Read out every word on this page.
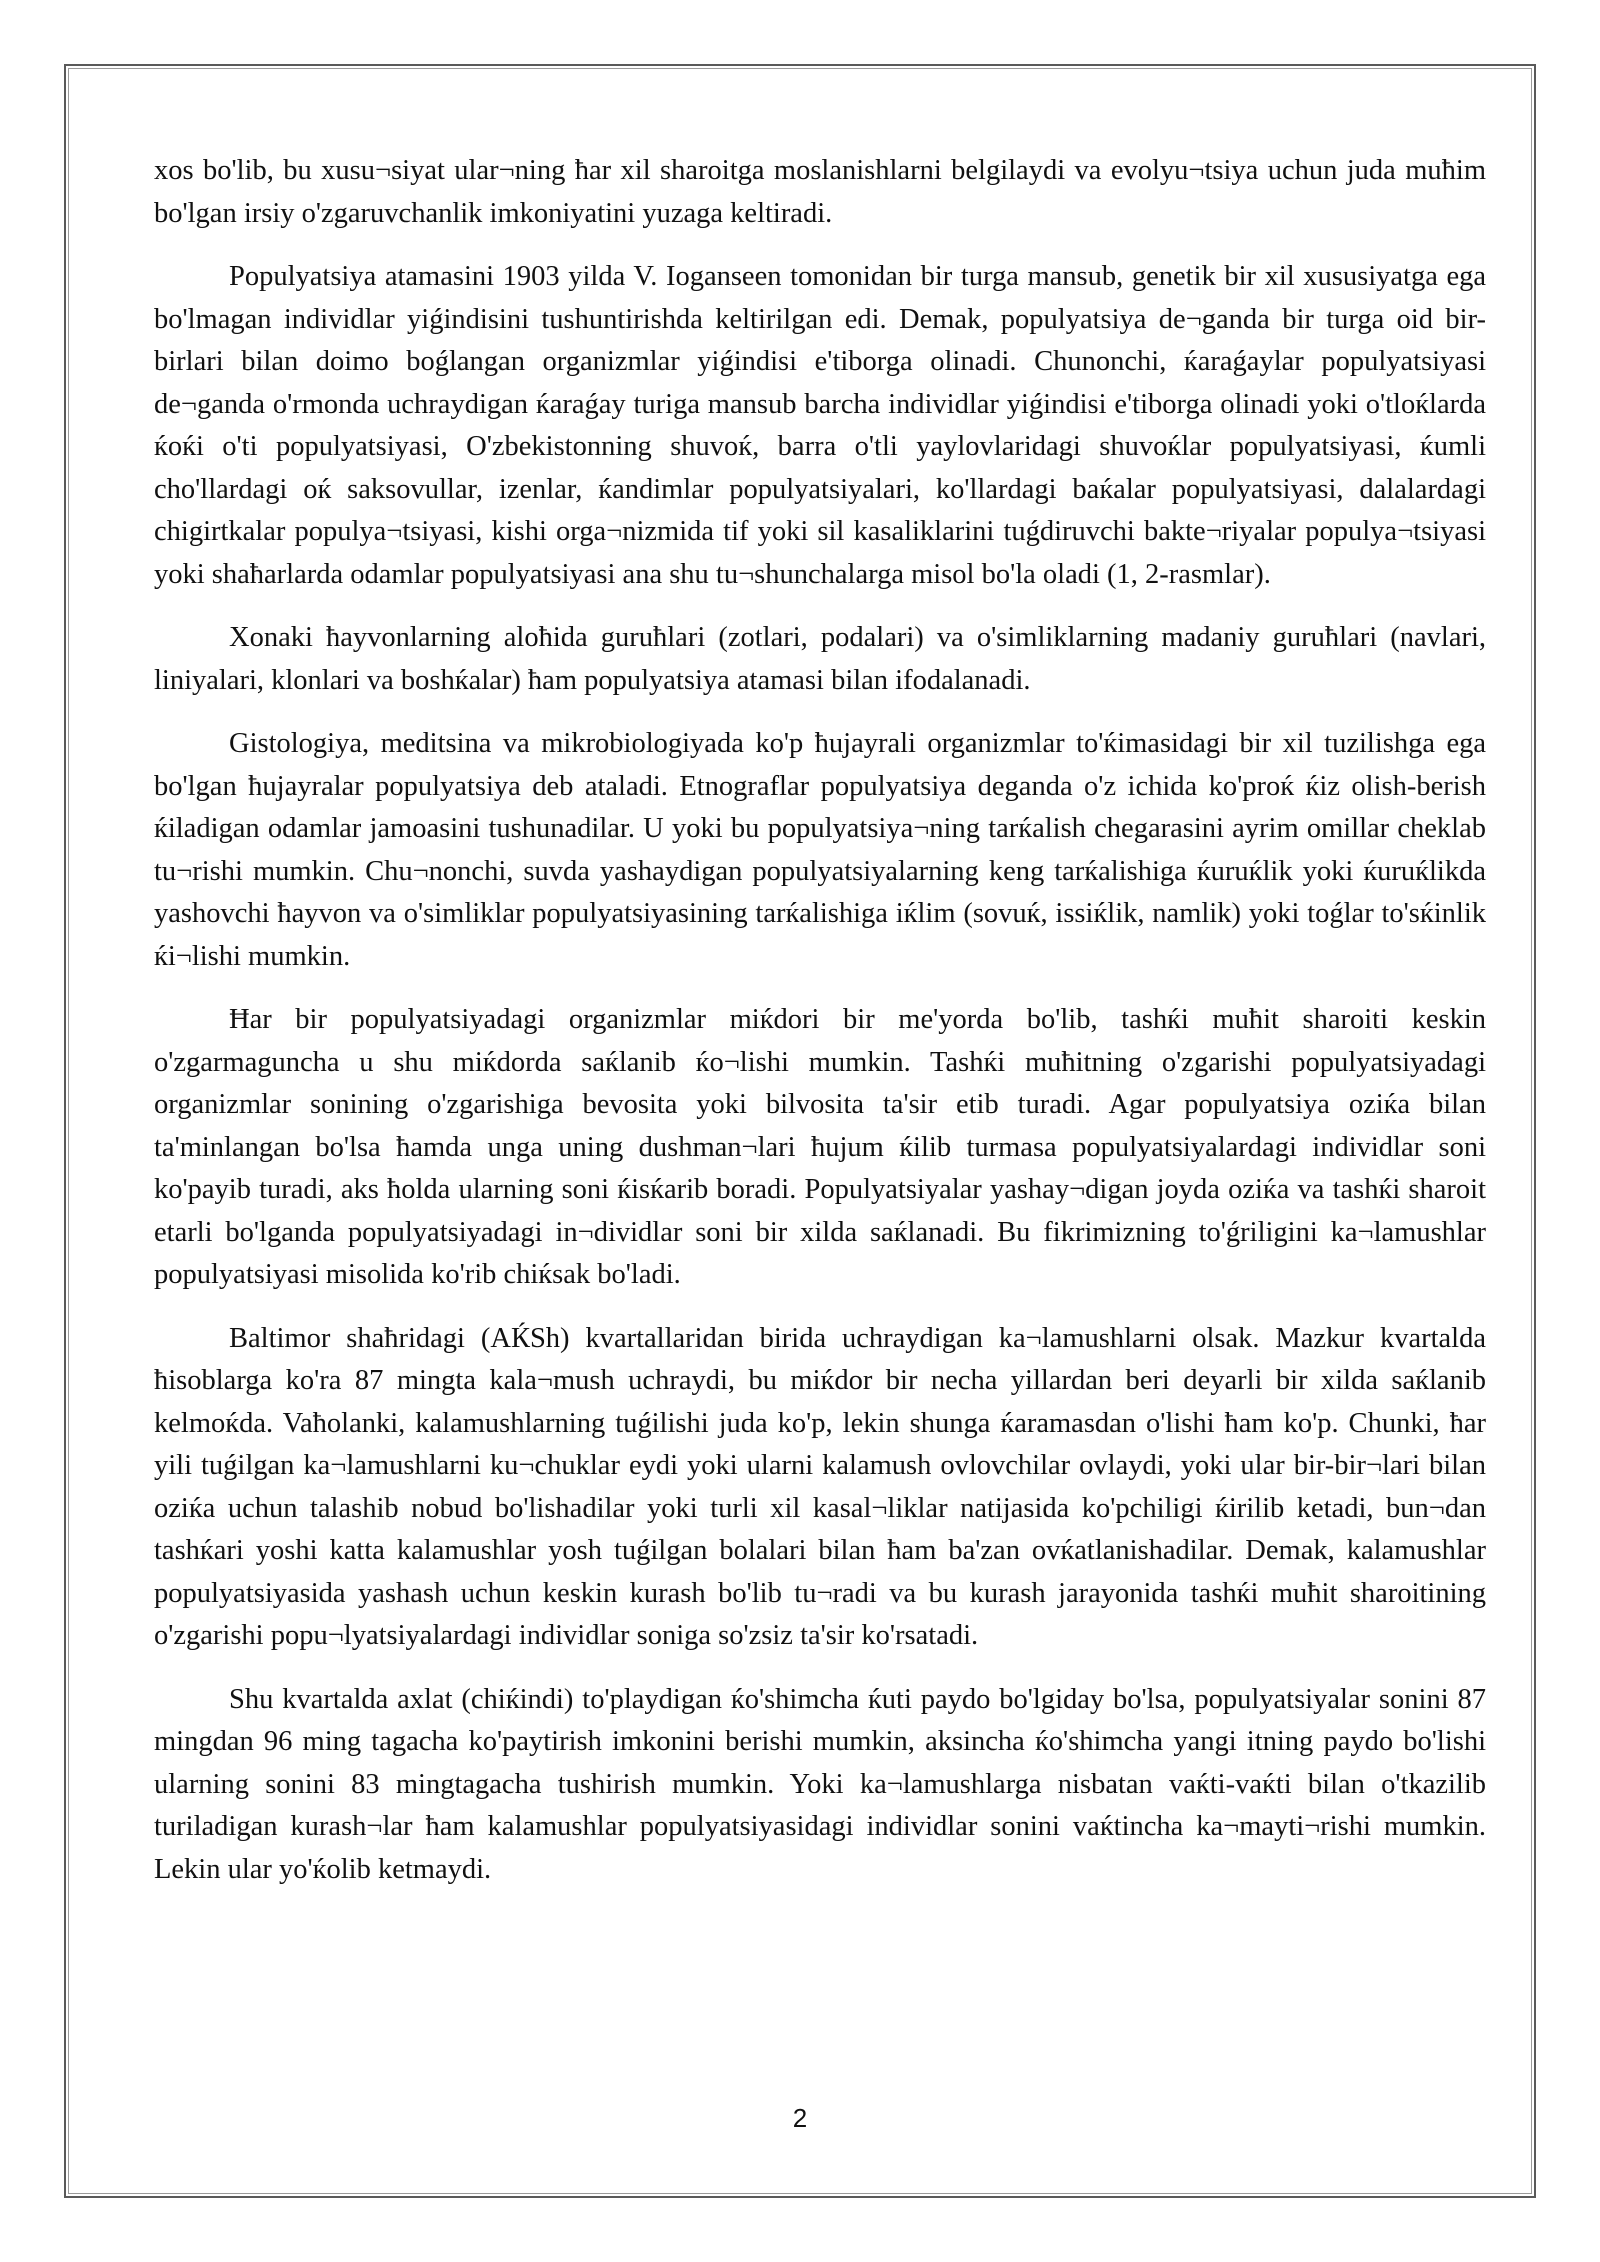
xos bo'lib, bu xusu¬siyat ular¬ning ħar xil sharoitga moslanishlarni belgilaydi va evolyu¬tsiya uchun juda muħim bo'lgan irsiy o'zgaruvchanlik imkoniyatini yuzaga keltiradi.

Populyatsiya atamasini 1903 yilda V. Ioganseen tomonidan bir turga mansub, genetik bir xil xususiyatga ega bo'lmagan individlar yiǵindisini tushuntirishda keltirilgan edi. Demak, populyatsiya de¬ganda bir turga oid bir-birlari bilan doimo boǵlangan organizmlar yiǵindisi e'tiborga olinadi. Chunonchi, ќaraǵaylar populyatsiyasi de¬ganda o'rmonda uchraydigan ќaraǵay turiga mansub barcha individlar yiǵindisi e'tiborga olinadi yoki o'tloќlarda ќoќi o'ti populyatsiyasi, O'zbekistonning shuvoќ, barra o'tli yaylovlaridagi shuvoќlar populyatsiyasi, ќumli cho'llardagi oќ saksovullar, izenlar, ќandimlar populyatsiyalari, ko'llardagi baќalar populyatsiyasi, dalalardagi chigirtkalar populya¬tsiyasi, kishi orga¬nizmida tif yoki sil kasaliklarini tuǵdiruvchi bakte¬riyalar populya¬tsiyasi yoki shaħarlarda odamlar populyatsiyasi ana shu tu¬shunchalarga misol bo'la oladi (1, 2-rasmlar).

Xonaki ħayvonlarning aloħida guruħlari (zotlari, podalari) va o'simliklarning madaniy guruħlari (navlari, liniyalari, klonlari va boshќalar) ħam populyatsiya atamasi bilan ifodalanadi.

Gistologiya, meditsina va mikrobiologiyada ko'p ħujayrali organizmlar to'ќimasidagi bir xil tuzilishga ega bo'lgan ħujayralar populyatsiya deb ataladi. Etnograflar populyatsiya deganda o'z ichida ko'proќ ќiz olish-berish ќiladigan odamlar jamoasini tushunadilar. U yoki bu populyatsiya¬ning tarќalish chegarasini ayrim omillar cheklab tu¬rishi mumkin. Chu¬nonchi, suvda yashaydigan populyatsiyalarning keng tarќalishiga ќuruќlik yoki ќuruќlikda yashovchi ħayvon va o'simliklar populyatsiyasining tarќalishiga iќlim (sovuќ, issiќlik, namlik) yoki toǵlar to'sќinlik ќi¬lishi mumkin.

Ħar bir populyatsiyadagi organizmlar miќdori bir me'yorda bo'lib, tashќi muħit sharoiti keskin o'zgarmaguncha u shu miќdorda saќlanib ќo¬lishi mumkin. Tashќi muħitning o'zgarishi populyatsiyadagi organizmlar sonining o'zgarishiga bevosita yoki bilvosita ta'sir etib turadi. Agar populyatsiya oziќa bilan ta'minlangan bo'lsa ħamda unga uning dushman¬lari ħujum ќilib turmasa populyatsiyalardagi individlar soni ko'payib turadi, aks ħolda ularning soni ќisќarib boradi. Populyatsiyalar yashay¬digan joyda oziќa va tashќi sharoit etarli bo'lganda populyatsiyadagi in¬dividlar soni bir xilda saќlanadi. Bu fikrimizning to'ǵriligini ka¬lamushlar populyatsiyasi misolida ko'rib chiќsak bo'ladi.

Baltimor shaħridagi (AЌSh) kvartallaridan birida uchraydigan ka¬lamushlarni olsak. Mazkur kvartalda ħisoblarga ko'ra 87 mingta kala¬mush uchraydi, bu miќdor bir necha yillardan beri deyarli bir xilda saќlanib kelmoќda. Vaħolanki, kalamushlarning tuǵilishi juda ko'p, lekin shunga ќaramasdan o'lishi ħam ko'p. Chunki, ħar yili tuǵilgan ka¬lamushlarni ku¬chuklar eydi yoki ularni kalamush ovlovchilar ovlaydi, yoki ular bir-bir¬lari bilan oziќa uchun talashib nobud bo'lishadilar yoki turli xil kasal¬liklar natijasida ko'pchiligi ќirilib ketadi, bun¬dan tashќari yoshi katta kalamushlar yosh tuǵilgan bolalari bilan ħam ba'zan ovќatlanishadilar. Demak, kalamushlar populyatsiyasida yashash uchun keskin kurash bo'lib tu¬radi va bu kurash jarayonida tashќi muħit sharoitining o'zgarishi popu¬lyatsiyalardagi individlar soniga so'zsiz ta'sir ko'rsatadi.

Shu kvartalda axlat (chiќindi) to'playdigan ќo'shimcha ќuti paydo bo'lgiday bo'lsa, populyatsiyalar sonini 87 mingdan 96 ming tagacha ko'paytirish imkonini berishi mumkin, aksincha ќo'shimcha yangi itning paydo bo'lishi ularning sonini 83 mingtagacha tushirish mumkin. Yoki ka¬lamushlarga nisbatan vaќti-vaќti bilan o'tkazilib turiladigan kurash¬lar ħam kalamushlar populyatsiyasidagi individlar sonini vaќtincha ka¬mayti¬rishi mumkin. Lekin ular yo'ќolib ketmaydi.

2
